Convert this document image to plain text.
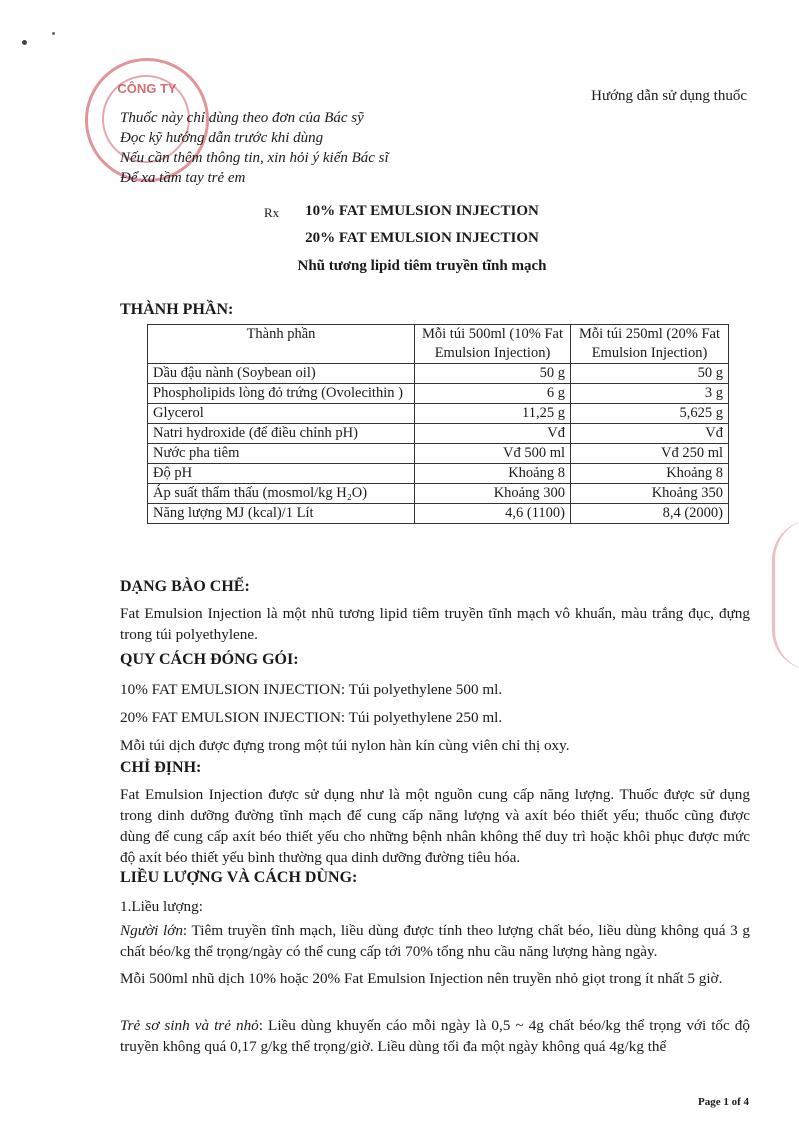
CÔNG TY	Hướng dẫn sử dụng thuốc
Thuốc này chỉ dùng theo đơn của Bác sỹ
Đọc kỹ hướng dẫn trước khi dùng
Nếu cần thêm thông tin, xin hỏi ý kiến Bác sĩ
Để xa tầm tay trẻ em
Rx	10% FAT EMULSION INJECTION
20% FAT EMULSION INJECTION
Nhũ tương lipid tiêm truyền tĩnh mạch
THÀNH PHẦN:
Thành phần	Mỗi túi 500ml (10% Fat Emulsion Injection)	Mỗi túi 250ml (20% Fat Emulsion Injection)
Dầu đậu nành (Soybean oil)	50 g	50 g
Phospholipids lòng đỏ trứng (Ovolecithin )	6 g	3 g
Glycerol	11,25 g	5,625 g
Natri hydroxide (để điều chỉnh pH)	Vđ	Vđ
Nước pha tiêm	Vđ 500 ml	Vđ 250 ml
Độ pH	Khoảng 8	Khoảng 8
Áp suất thẩm thấu (mosmol/kg H₂O)	Khoảng 300	Khoảng 350
Năng lượng MJ (kcal)/1 Lít	4,6 (1100)	8,4 (2000)
DẠNG BÀO CHẾ:
Fat Emulsion Injection là một nhũ tương lipid tiêm truyền tĩnh mạch vô khuẩn, màu trắng đục, đựng trong túi polyethylene.
QUY CÁCH ĐÓNG GÓI:
10% FAT EMULSION INJECTION: Túi polyethylene 500 ml.
20% FAT EMULSION INJECTION: Túi polyethylene 250 ml.
Mỗi túi dịch được đựng trong một túi nylon hàn kín cùng viên chỉ thị oxy.
CHỈ ĐỊNH:
Fat Emulsion Injection được sử dụng như là một nguồn cung cấp năng lượng. Thuốc được sử dụng trong dinh dưỡng đường tĩnh mạch để cung cấp năng lượng và axít béo thiết yếu; thuốc cũng được dùng để cung cấp axít béo thiết yếu cho những bệnh nhân không thể duy trì hoặc khôi phục được mức độ axít béo thiết yếu bình thường qua dinh dưỡng đường tiêu hóa.
LIỀU LƯỢNG VÀ CÁCH DÙNG:
1.Liều lượng:
Người lớn: Tiêm truyền tĩnh mạch, liều dùng được tính theo lượng chất béo, liều dùng không quá 3 g chất béo/kg thể trọng/ngày có thể cung cấp tới 70% tổng nhu cầu năng lượng hàng ngày.
Mỗi 500ml nhũ dịch 10% hoặc 20% Fat Emulsion Injection nên truyền nhỏ giọt trong ít nhất 5 giờ.
Trẻ sơ sinh và trẻ nhỏ: Liều dùng khuyến cáo mỗi ngày là 0,5 ~ 4g chất béo/kg thể trọng với tốc độ truyền không quá 0,17 g/kg thể trọng/giờ. Liều dùng tối đa một ngày không quá 4g/kg thể
Page 1 of 4
